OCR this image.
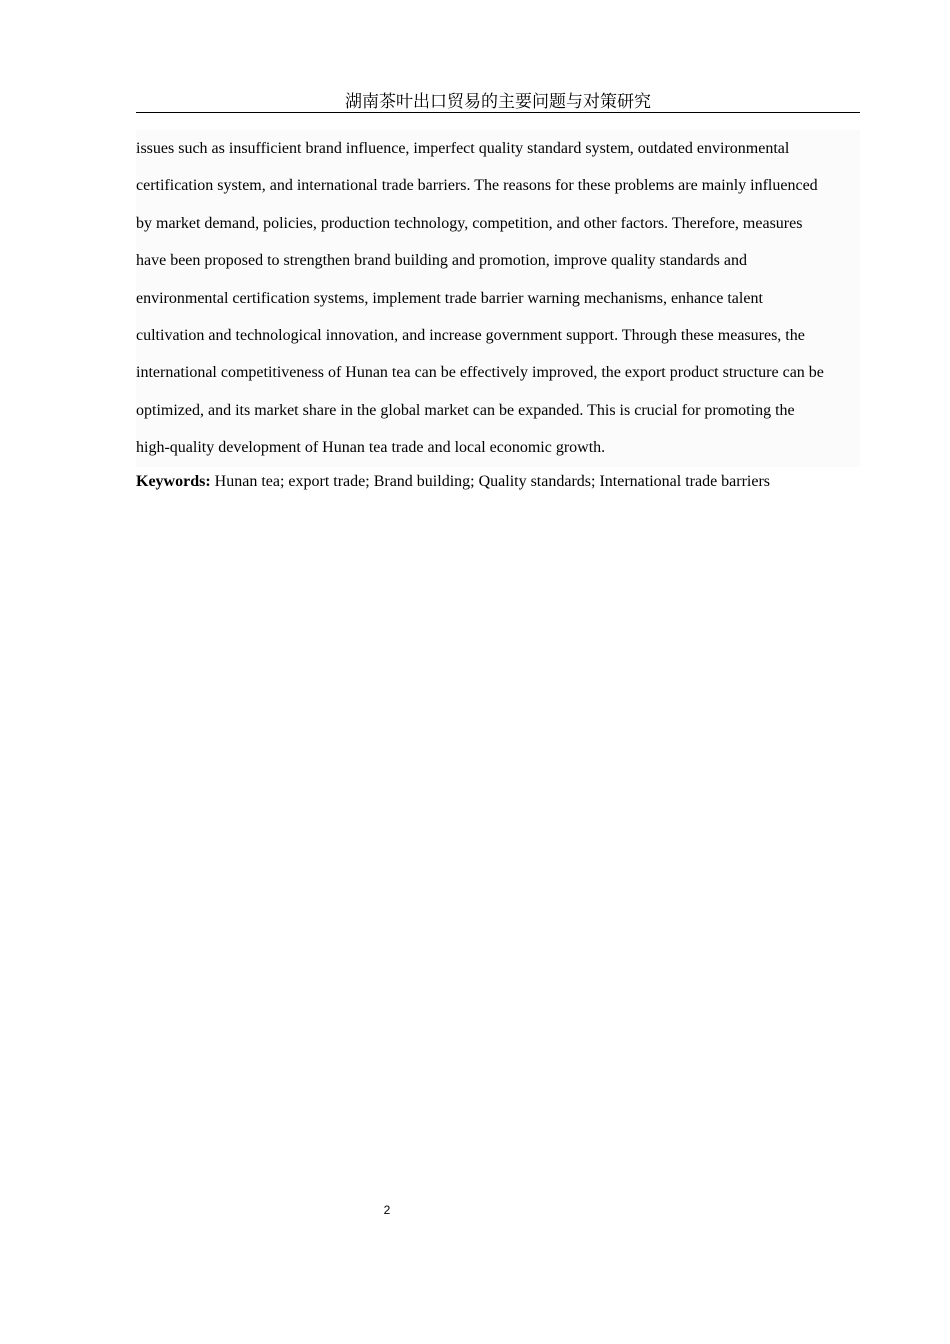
湖南茶叶出口贸易的主要问题与对策研究
issues such as insufficient brand influence, imperfect quality standard system, outdated environmental
certification system, and international trade barriers. The reasons for these problems are mainly influenced
by market demand, policies, production technology, competition, and other factors. Therefore, measures
have been proposed to strengthen brand building and promotion, improve quality standards and
environmental certification systems, implement trade barrier warning mechanisms, enhance talent
cultivation and technological innovation, and increase government support. Through these measures, the
international competitiveness of Hunan tea can be effectively improved, the export product structure can be
optimized, and its market share in the global market can be expanded. This is crucial for promoting the
high-quality development of Hunan tea trade and local economic growth.
Keywords: Hunan tea; export trade; Brand building; Quality standards; International trade barriers
2
